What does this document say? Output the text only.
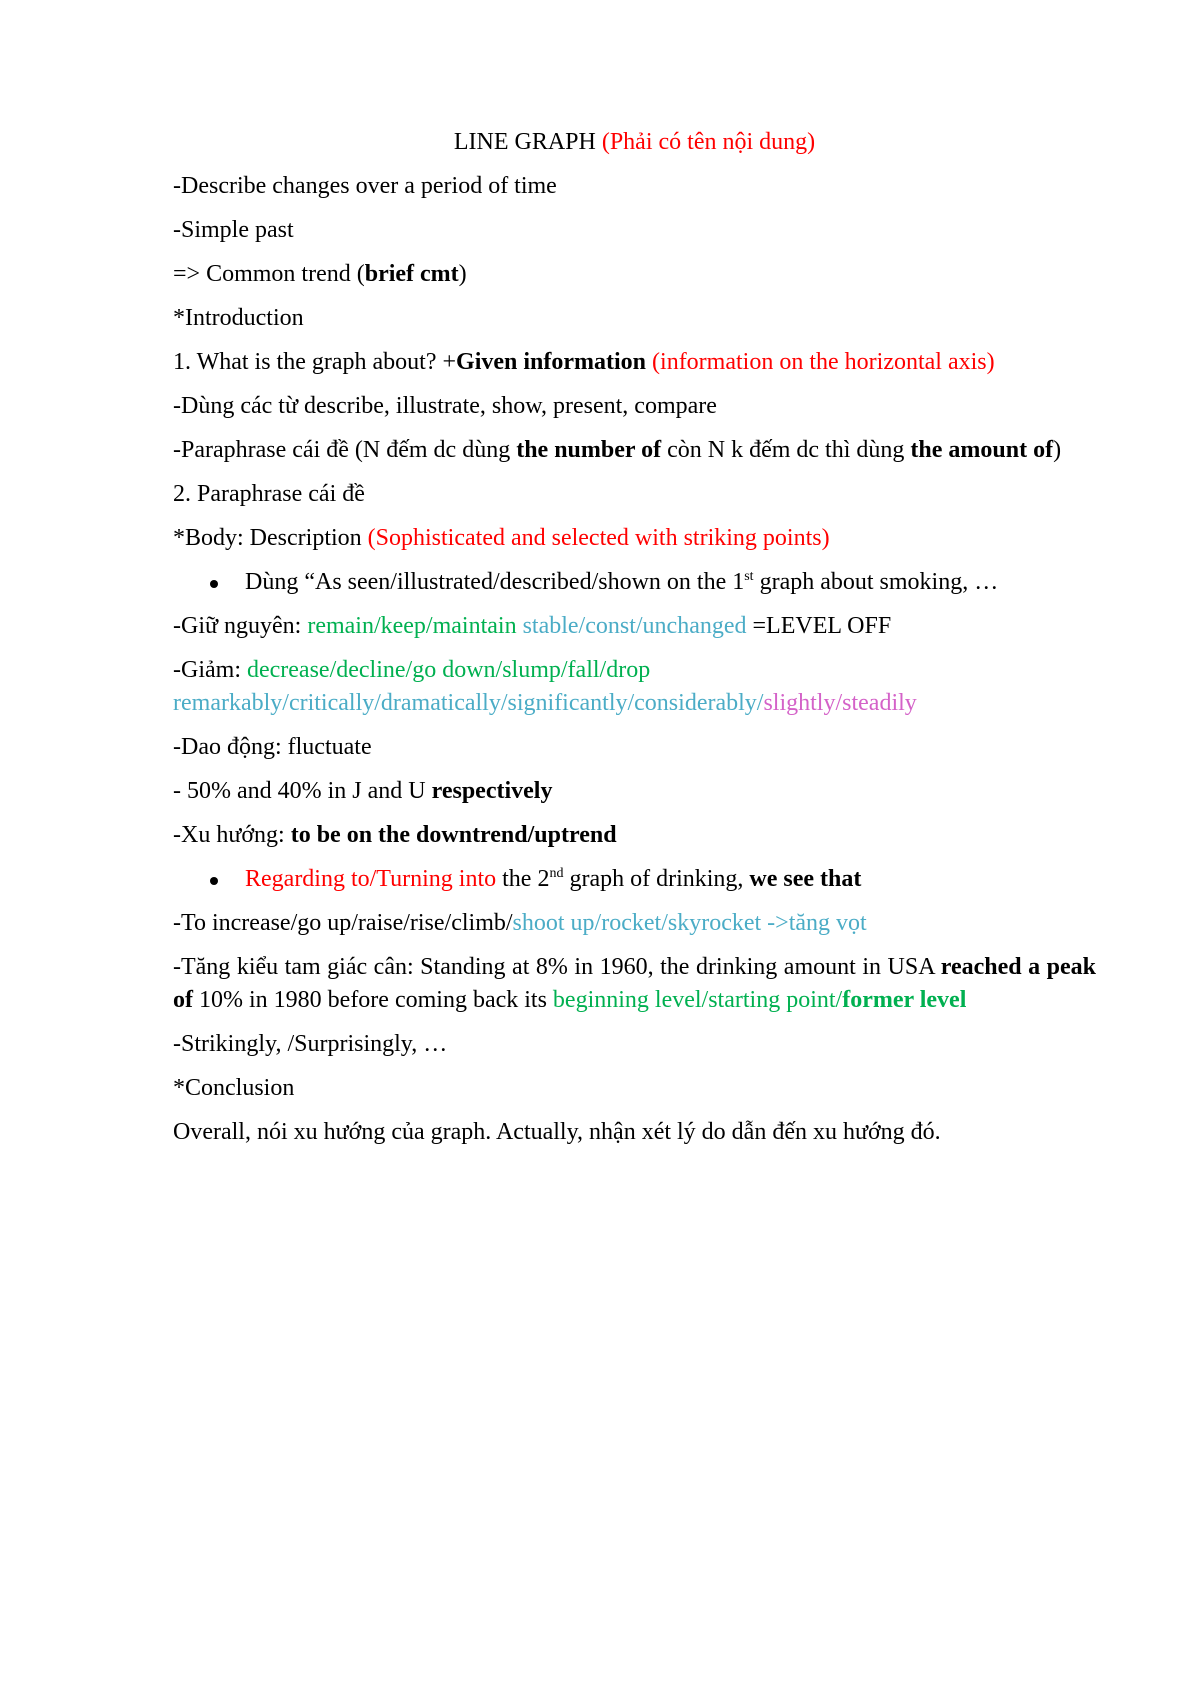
LINE GRAPH (Phải có tên nội dung)
-Describe changes over a period of time
-Simple past
=> Common trend (brief cmt)
*Introduction
1. What is the graph about? +Given information (information on the horizontal axis)
-Dùng các từ describe, illustrate, show, present, compare
-Paraphrase cái đề (N đếm dc dùng the number of còn N k đếm dc thì dùng the amount of)
2. Paraphrase cái đề
*Body: Description (Sophisticated and selected with striking points)
Dùng “As seen/illustrated/described/shown on the 1st graph about smoking, …
-Giữ nguyên: remain/keep/maintain stable/const/unchanged =LEVEL OFF
-Giảm: decrease/decline/go down/slump/fall/drop
remarkably/critically/dramatically/significantly/considerably/slightly/steadily
-Dao động: fluctuate
- 50% and 40% in J and U respectively
-Xu hướng: to be on the downtrend/uptrend
Regarding to/Turning into the 2nd graph of drinking, we see that
-To increase/go up/raise/rise/climb/shoot up/rocket/skyrocket ->tăng vọt
-Tăng kiểu tam giác cân: Standing at 8% in 1960, the drinking amount in USA reached a peak of 10% in 1980 before coming back its beginning level/starting point/former level
-Strikingly, /Surprisingly, …
*Conclusion
Overall, nói xu hướng của graph. Actually, nhận xét lý do dẫn đến xu hướng đó.
